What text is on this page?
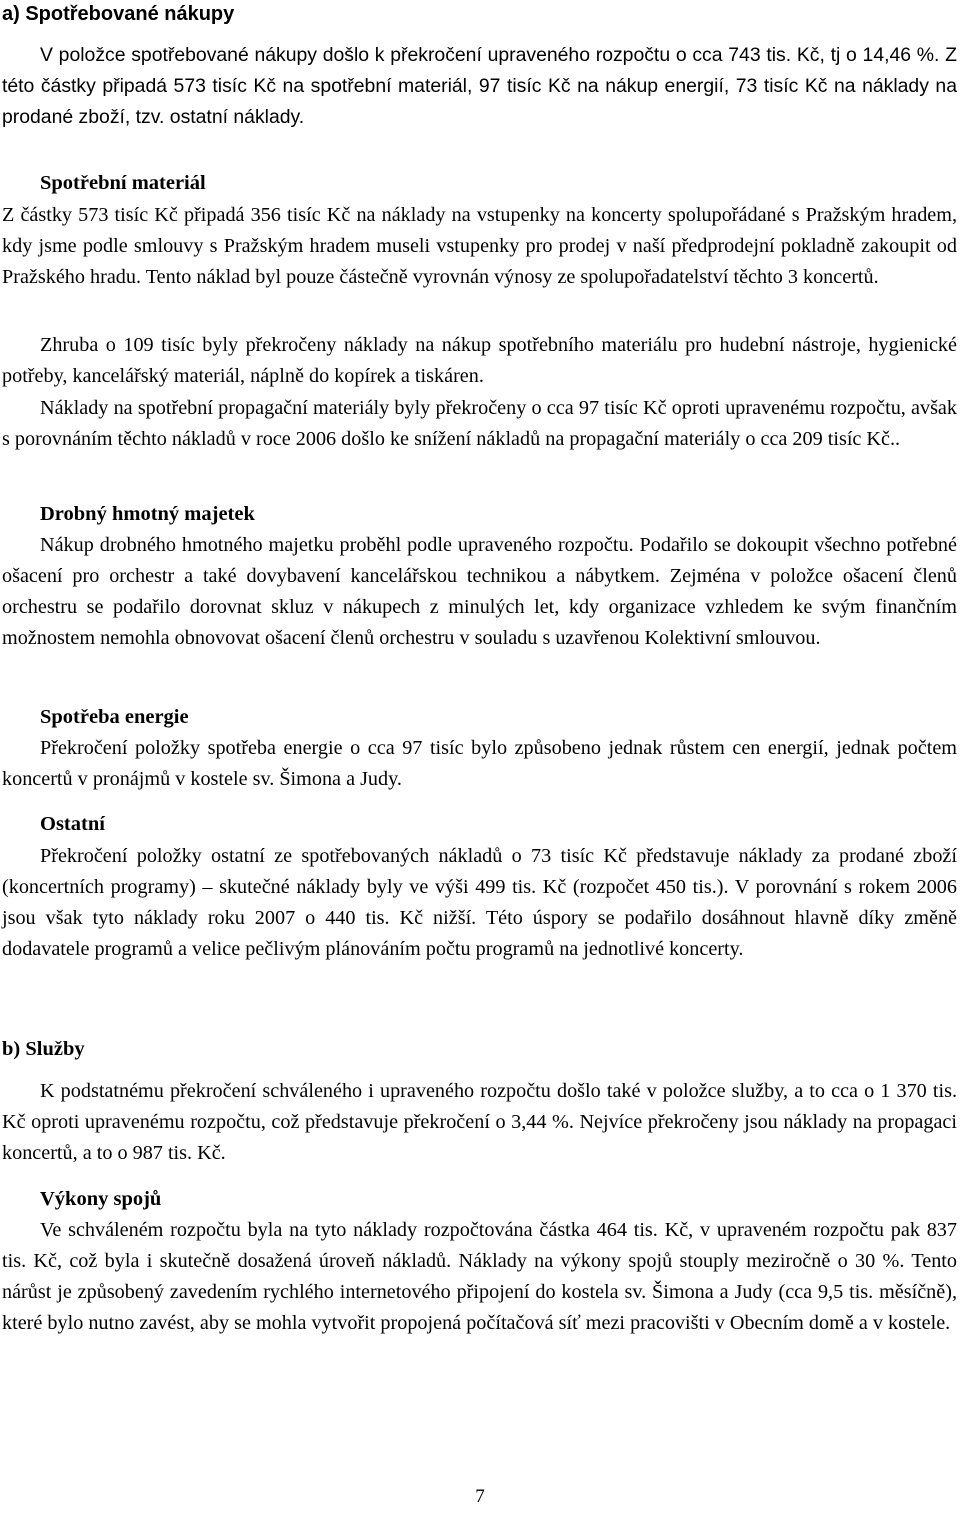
a) Spotřebované nákupy

V položce spotřebované nákupy došlo k překročení upraveného rozpočtu o cca 743 tis. Kč, tj o 14,46 %. Z této částky připadá 573 tisíc Kč na spotřební materiál, 97 tisíc Kč na nákup energií, 73 tisíc Kč na náklady na prodané zboží, tzv. ostatní náklady.

Spotřební materiál

Z částky 573 tisíc Kč připadá 356 tisíc Kč na náklady na vstupenky na koncerty spolupořádané s Pražským hradem, kdy jsme podle smlouvy s Pražským hradem museli vstupenky pro prodej v naší předprodejní pokladně zakoupit od Pražského hradu. Tento náklad byl pouze částečně vyrovnán výnosy ze spolupořadatelství těchto 3 koncertů.

Zhruba o 109 tisíc byly překročeny náklady na nákup spotřebního materiálu pro hudební nástroje, hygienické potřeby, kancelářský materiál, náplně do kopírek a tiskáren.

Náklady na spotřební propagační materiály byly překročeny o cca 97 tisíc Kč oproti upravenému rozpočtu, avšak s porovnáním těchto nákladů v roce 2006 došlo ke snížení nákladů na propagační materiály o cca 209 tisíc Kč..

Drobný hmotný majetek

Nákup drobného hmotného majetku proběhl podle upraveného rozpočtu. Podařilo se dokoupit všechno potřebné ošacení pro orchestr a také dovybavení kancelářskou technikou a nábytkem. Zejména v položce ošacení členů orchestru se podařilo dorovnat skluz v nákupech z minulých let, kdy organizace vzhledem ke svým finančním možnostem nemohla obnovovat ošacení členů orchestru v souladu s uzavřenou Kolektivní smlouvou.

Spotřeba energie

Překročení položky spotřeba energie o cca 97 tisíc bylo způsobeno jednak růstem cen energií, jednak počtem koncertů v pronájmů v kostele sv. Šimona a Judy.

Ostatní

Překročení položky ostatní ze spotřebovaných nákladů o 73 tisíc Kč představuje náklady za prodané zboží (koncertních programy) – skutečné náklady byly ve výši 499 tis. Kč (rozpočet 450 tis.). V porovnání s rokem 2006 jsou však tyto náklady roku 2007 o 440 tis. Kč nižší. Této úspory se podařilo dosáhnout hlavně díky změně dodavatele programů a velice pečlivým plánováním počtu programů na jednotlivé koncerty.

b) Služby

K podstatnému překročení schváleného i upraveného rozpočtu došlo také v položce služby, a to cca o 1 370 tis. Kč oproti upravenému rozpočtu, což představuje překročení o 3,44 %. Nejvíce překročeny jsou náklady na propagaci koncertů, a to o 987 tis. Kč.

Výkony spojů

Ve schváleném rozpočtu byla na tyto náklady rozpočtována částka 464 tis. Kč, v upraveném rozpočtu pak 837 tis. Kč, což byla i skutečně dosažená úroveň nákladů. Náklady na výkony spojů stouply meziročně o 30 %. Tento nárůst je způsobený zavedením rychlého internetového připojení do kostela sv. Šimona a Judy (cca 9,5 tis. měsíčně), které bylo nutno zavést, aby se mohla vytvořit propojená počítačová síť mezi pracovišti v Obecním domě a v kostele.

7
